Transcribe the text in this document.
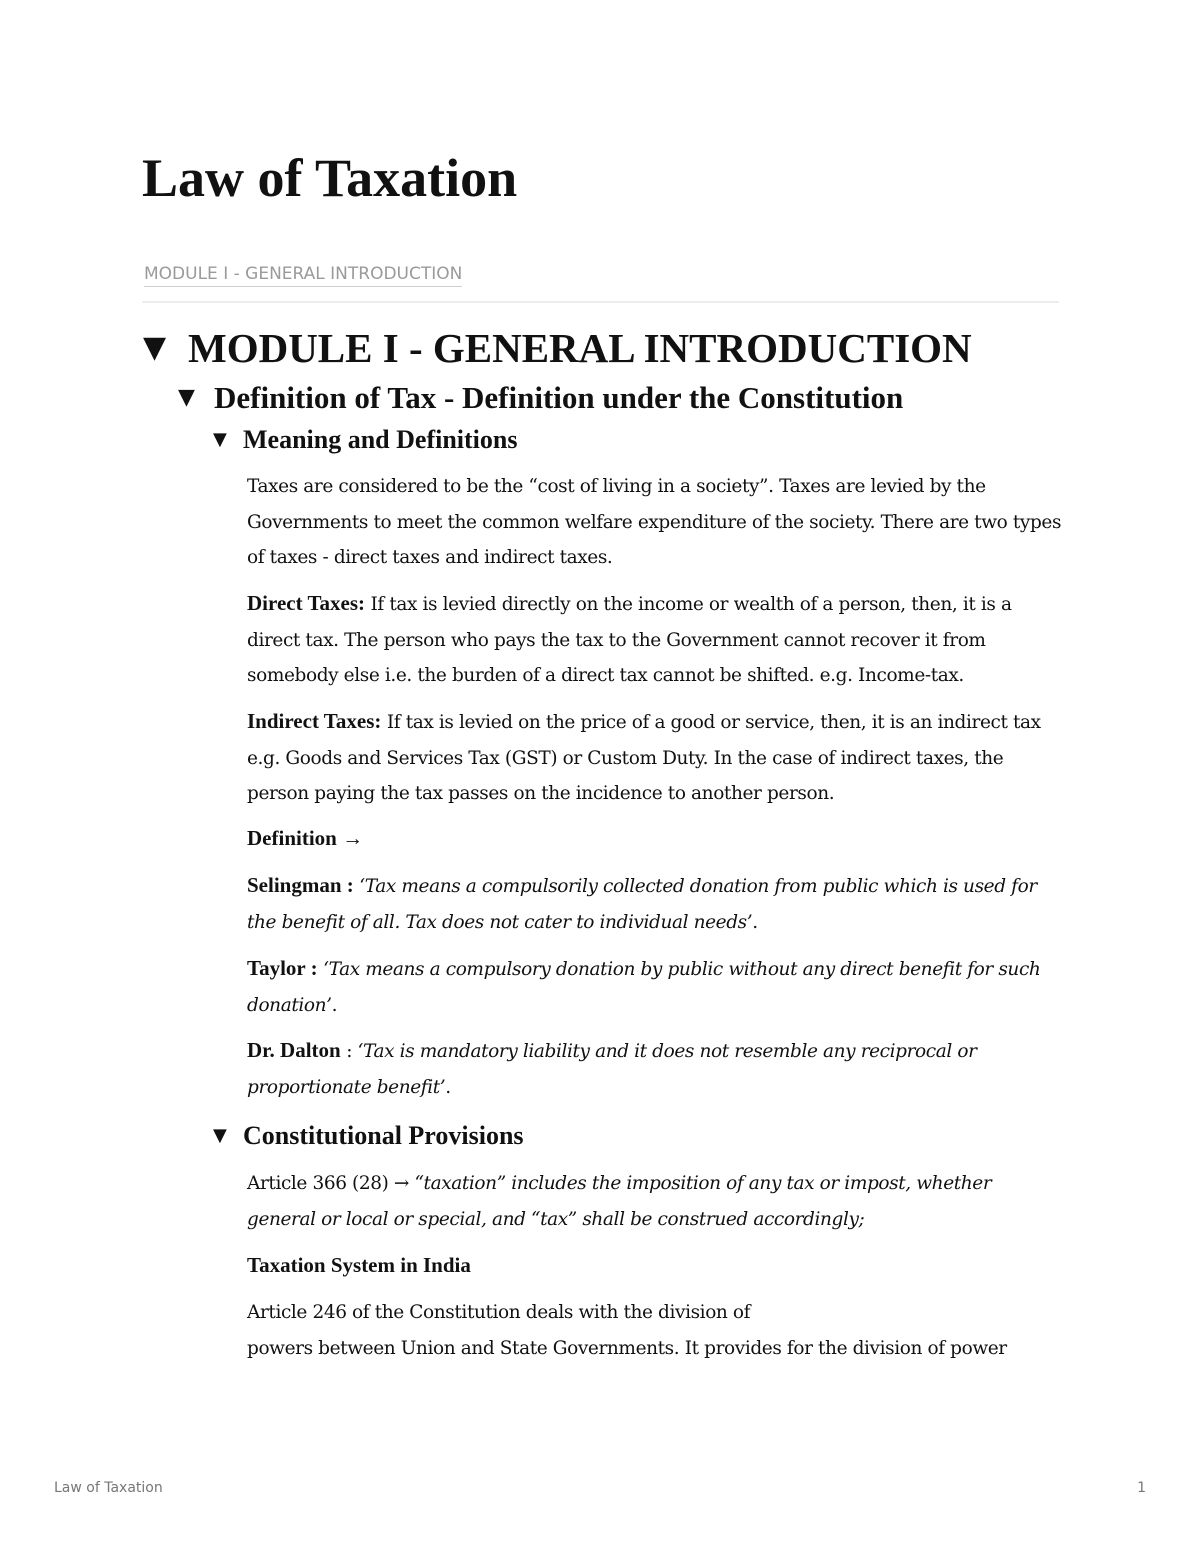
Law of Taxation
MODULE I - GENERAL INTRODUCTION
▼ MODULE I - GENERAL INTRODUCTION
▼ Definition of Tax - Definition under the Constitution
▼ Meaning and Definitions

Taxes are considered to be the “cost of living in a society”. Taxes are levied by the Governments to meet the common welfare expenditure of the society. There are two types of taxes - direct taxes and indirect taxes.

Direct Taxes: If tax is levied directly on the income or wealth of a person, then, it is a direct tax. The person who pays the tax to the Government cannot recover it from somebody else i.e. the burden of a direct tax cannot be shifted. e.g. Income-tax.

Indirect Taxes: If tax is levied on the price of a good or service, then, it is an indirect tax e.g. Goods and Services Tax (GST) or Custom Duty. In the case of indirect taxes, the person paying the tax passes on the incidence to another person.

Definition →

Selingman : ‘Tax means a compulsorily collected donation from public which is used for the benefit of all. Tax does not cater to individual needs’.

Taylor : ‘Tax means a compulsory donation by public without any direct benefit for such donation’.

Dr. Dalton : ‘Tax is mandatory liability and it does not resemble any reciprocal or proportionate benefit’.

▼ Constitutional Provisions

Article 366 (28) → “taxation” includes the imposition of any tax or impost, whether general or local or special, and “tax” shall be construed accordingly;

Taxation System in India

Article 246 of the Constitution deals with the division of
powers between Union and State Governments. It provides for the division of power

Law of Taxation	1
